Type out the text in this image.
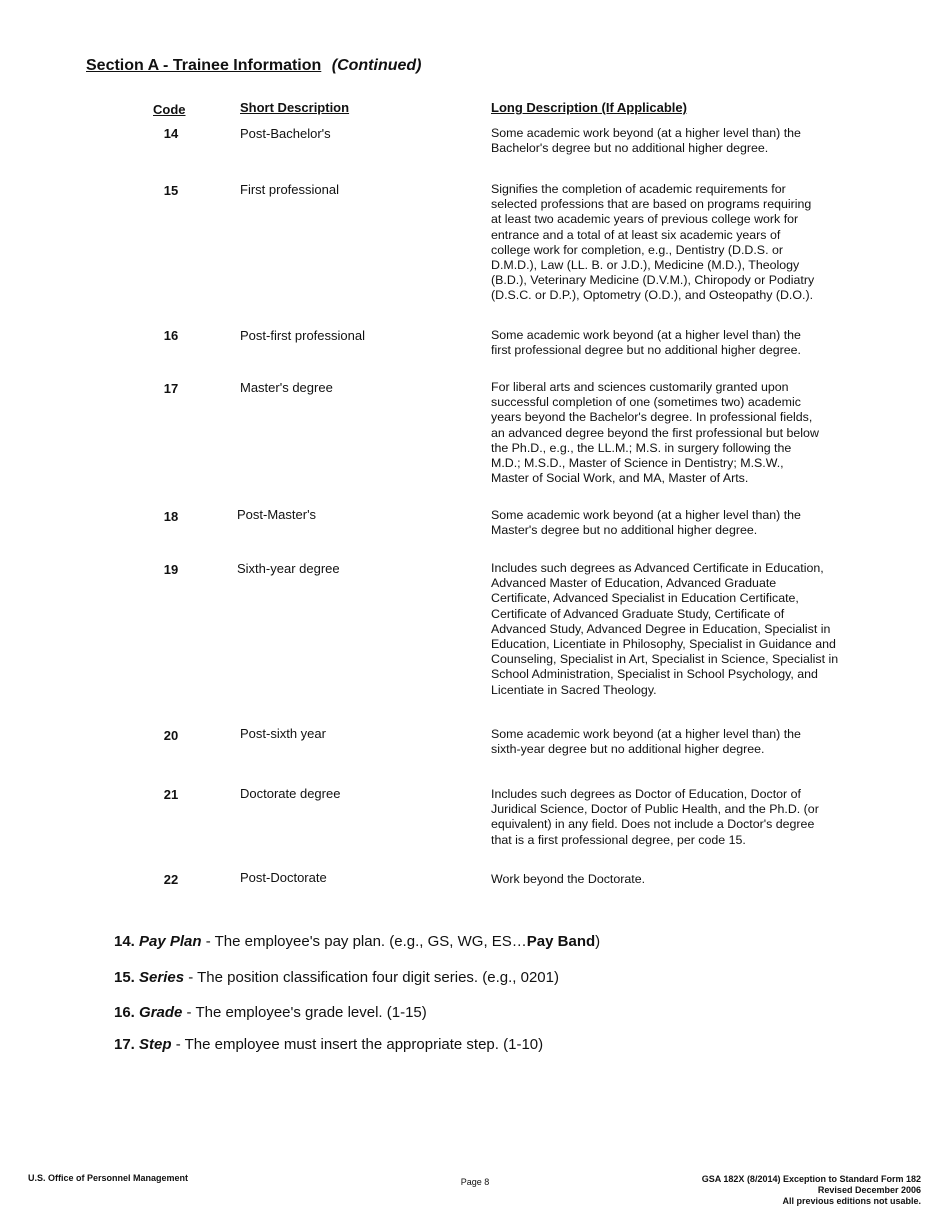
Section A - Trainee Information (Continued)
Code	Short Description	Long Description (If Applicable)
14	Post-Bachelor's	Some academic work beyond (at a higher level than) the
Bachelor's degree but no additional higher degree.
15	First professional	Signifies the completion of academic requirements for
selected professions that are based on programs requiring
at least two academic years of previous college work for
entrance and a total of at least six academic years of
college work for completion, e.g., Dentistry (D.D.S. or
D.M.D.), Law (LL. B. or J.D.), Medicine (M.D.), Theology
(B.D.), Veterinary Medicine (D.V.M.), Chiropody or Podiatry
(D.S.C. or D.P.), Optometry (O.D.), and Osteopathy (D.O.).
16	Post-first professional	Some academic work beyond (at a higher level than) the
first professional degree but no additional higher degree.
17	Master's degree	For liberal arts and sciences customarily granted upon
successful completion of one (sometimes two) academic
years beyond the Bachelor's degree. In professional fields,
an advanced degree beyond the first professional but below
the Ph.D., e.g., the LL.M.; M.S. in surgery following the
M.D.; M.S.D., Master of Science in Dentistry; M.S.W.,
Master of Social Work, and MA, Master of Arts.
18	Post-Master's	Some academic work beyond (at a higher level than) the
Master's degree but no additional higher degree.
19	Sixth-year degree	Includes such degrees as Advanced Certificate in Education,
Advanced Master of Education, Advanced Graduate
Certificate, Advanced Specialist in Education Certificate,
Certificate of Advanced Graduate Study, Certificate of
Advanced Study, Advanced Degree in Education, Specialist in
Education, Licentiate in Philosophy, Specialist in Guidance and
Counseling, Specialist in Art, Specialist in Science, Specialist in
School Administration, Specialist in School Psychology, and
Licentiate in Sacred Theology.
20	Post-sixth year	Some academic work beyond (at a higher level than) the
sixth-year degree but no additional higher degree.
21	Doctorate degree	Includes such degrees as Doctor of Education, Doctor of
Juridical Science, Doctor of Public Health, and the Ph.D. (or
equivalent) in any field. Does not include a Doctor's degree
that is a first professional degree, per code 15.
22	Post-Doctorate	Work beyond the Doctorate.
14. Pay Plan - The employee's pay plan. (e.g., GS, WG, ES…Pay Band)
15. Series - The position classification four digit series. (e.g., 0201)
16. Grade - The employee's grade level. (1-15)
17. Step - The employee must insert the appropriate step. (1-10)
U.S. Office of Personnel Management	Page 8	GSA 182X (8/2014) Exception to Standard Form 182
Revised December 2006
All previous editions not usable.
